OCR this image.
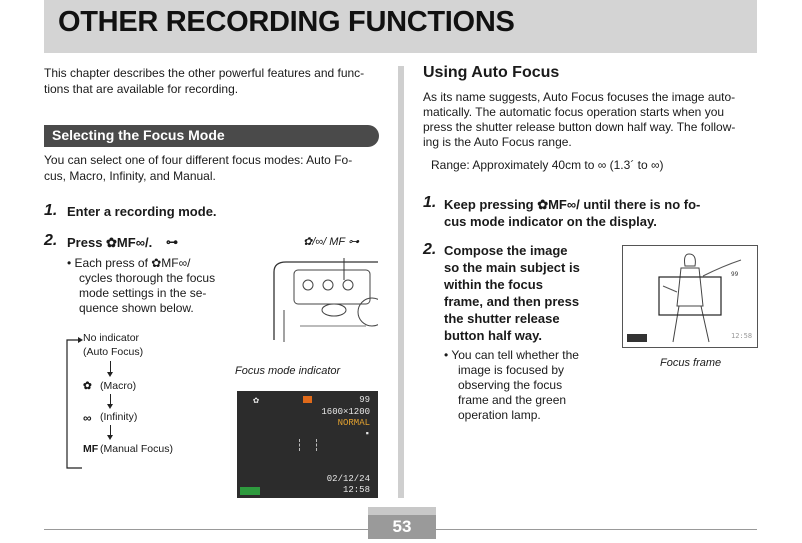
OTHER RECORDING FUNCTIONS
This chapter describes the other powerful features and func-
tions that are available for recording.
Selecting the Focus Mode
You can select one of four different focus modes: Auto Fo-
cus, Macro, Infinity, and Manual.
1. Enter a recording mode.
2. Press ✿MF∞/. ⊶
• Each press of ✿MF∞/
cycles thorough the focus
mode settings in the se-
quence shown below.
✿/∞/ MF ⊶
No indicator
(Auto Focus)
✿ (Macro)
∞ (Infinity)
MF (Manual Focus)
Focus mode indicator
✿	99
1600×1200
NORMAL
▪
02/12/24
12:58
Using Auto Focus
As its name suggests, Auto Focus focuses the image auto-
matically. The automatic focus operation starts when you
press the shutter release button down half way. The follow-
ing is the Auto Focus range.
Range: Approximately 40cm to ∞ (1.3´ to ∞)
1. Keep pressing ✿MF∞/ until there is no fo-
cus mode indicator on the display.
2. Compose the image
so the main subject is
within the focus
frame, and then press
the shutter release
button half way.
• You can tell whether the
image is focused by
observing the focus
frame and the green
operation lamp.
12:58
99
Focus frame
53
